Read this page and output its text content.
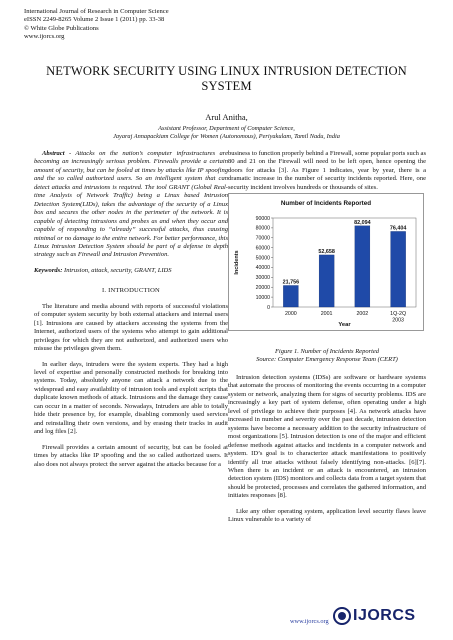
International Journal of Research in Computer Science
eISSN 2249-8265 Volume 2 Issue 1 (2011) pp. 33-38
© White Globe Publications
www.ijorcs.org
NETWORK SECURITY USING LINUX INTRUSION DETECTION SYSTEM
Arul Anitha,
Assistant Professor, Department of Computer Science,
Jayaraj Annapackiam College for Women (Autonomous), Periyakulam, Tamil Nadu, India

Abstract - Attacks on the nation’s computer infrastructures are becoming an increasingly serious problem. Firewalls provide a certain amount of security, but can be fooled at times by attacks like IP spoofing and the so called authorized users. So an intelligent system that can detect attacks and intrusions is required. The tool GRANT (Global Real-time Analysis of Network Traffic) being a Linux based Intrusion Detection System(LIDs), takes the advantage of the security of a Linux box and secures the other nodes in the perimeter of the network. It is capable of detecting intrusions and probes as and when they occur and capable of responding to “already” successful attacks, thus causing minimal or no damage to the entire network. For better performance, this Linux Intrusion Detection System should be part of a defense in depth strategy such as Firewall and Intrusion Prevention.

Keywords: Intrusion, attack, security, GRANT, LIDS

I. INTRODUCTION

The literature and media abound with reports of successful violations of computer system security by both external attackers and internal users [1]. Intrusions are caused by attackers accessing the systems from the Internet, authorized users of the systems who attempt to gain additional privileges for which they are not authorized, and authorized users who misuse the privileges given them.

In earlier days, intruders were the system experts. They had a high level of expertise and personally constructed methods for breaking into systems. Today, absolutely anyone can attack a network due to the widespread and easy availability of intrusion tools and exploit scripts that duplicate known methods of attack. Intrusions and the damage they cause can occur in a matter of seconds. Nowadays, Intruders are able to totally hide their presence by, for example, disabling commonly used services and reinstalling their own versions, and by erasing their tracks in audit and log files [2].

Firewall provides a certain amount of security, but can be fooled at times by attacks like IP spoofing and the so called authorized users. It also does not always protect the server against the attacks because for a

business to function properly behind a Firewall, some popular ports such as 80 and 21 on the Firewall will need to be left open, hence opening the doors for attacks [3]. As Figure 1 indicates, year by year, there is a dramatic increase in the number of security incidents reported. Here, one security incident involves hundreds or thousands of sites.

Number of Incidents Reported
0
10000
20000
30000
40000
50000
60000
70000
80000
90000
Incidents
21,756
2000
52,658
2001
82,094
2002
76,404
1Q-2Q
2003
Year
Figure 1. Number of Incidents Reported
Source: Computer Emergency Response Team (CERT)

Intrusion detection systems (IDSs) are software or hardware systems that automate the process of monitoring the events occurring in a computer system or network, analyzing them for signs of security problems. IDS are increasingly a key part of system defense, often operating under a high level of privilege to achieve their purposes [4]. As network attacks have increased in number and severity over the past decade, intrusion detection systems have become a necessary addition to the security infrastructure of most organizations [5]. Intrusion detection is one of the major and efficient defense methods against attacks and incidents in a computer network and system. ID’s goal is to characterize attack manifestations to positively identify all true attacks without falsely identifying non-attacks. [6][7]. When there is an incident or an attack is encountered, an intrusion detection system (IDS) monitors and collects data from a target system that should be protected, processes and correlates the gathered information, and initiates responses [8].

Like any other operating system, application level security flaws leave Linux vulnerable to a variety of

www.ijorcs.org IJORCS
